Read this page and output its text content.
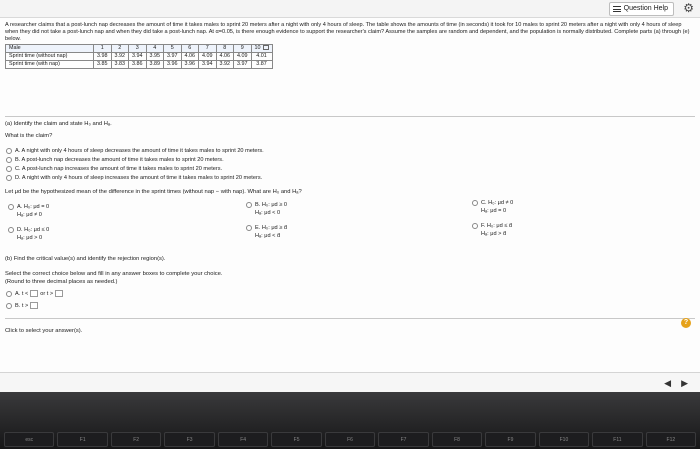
Question Help ⚙

A researcher claims that a post-lunch nap decreases the amount of time it takes males to sprint 20 meters after a night with only 4 hours of sleep. The table shows the amounts of time (in seconds) it took for 10 males to sprint 20 meters after a night with only 4 hours of sleep when they did not take a post-lunch nap and when they did take a post-lunch nap. At α=0.05, is there enough evidence to support the researcher's claim? Assume the samples are random and dependent, and the population is normally distributed. Complete parts (a) through (e) below.

Male	1	2	3	4	5	6	7	8	9	10
Sprint time (without nap)	3.98	3.92	3.94	3.95	3.97	4.06	4.09	4.06	4.09	4.01
Sprint time (with nap)	3.85	3.83	3.86	3.89	3.96	3.96	3.94	3.92	3.97	3.87
(a) Identify the claim and state H₀ and Hₐ.
What is the claim?
A. A night with only 4 hours of sleep decreases the amount of time it takes males to sprint 20 meters.
B. A post-lunch nap decreases the amount of time it takes males to sprint 20 meters.
C. A post-lunch nap increases the amount of time it takes males to sprint 20 meters.
D. A night with only 4 hours of sleep increases the amount of time it takes males to sprint 20 meters.
Let μd be the hypothesized mean of the difference in the sprint times (without nap − with nap). What are H₀ and Hₐ?
A.
H₀: μd = 0
Hₐ: μd ≠ 0
D.
H₀: μd ≤ 0
Hₐ: μd > 0
B.
H₀: μd ≥ 0
Hₐ: μd < 0
E.
H₀: μd ≥ d̄
Hₐ: μd < d̄
C.
H₀: μd ≠ 0
Hₐ: μd = 0
F.
H₀: μd ≤ d̄
Hₐ: μd > d̄
(b) Find the critical value(s) and identify the rejection region(s).
Select the correct choice below and fill in any answer boxes to complete your choice.
(Round to three decimal places as needed.)
A.
t < or t >
B.
t >
Click to select your answer(s).
?
◀ ▶
esc	F1	F2	F3	F4	F5	F6	F7	F8	F9	F10	F11	F12
